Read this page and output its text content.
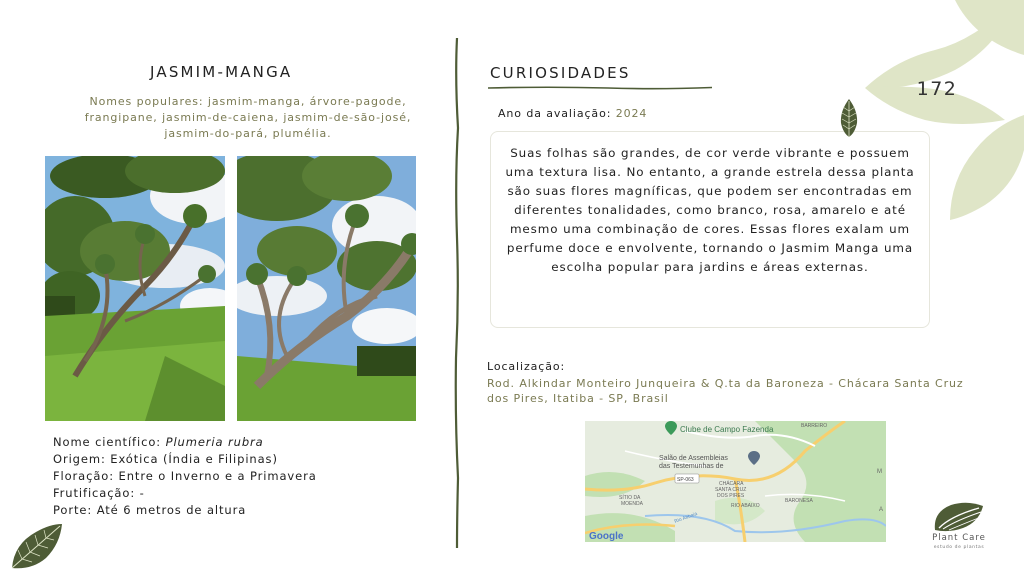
JASMIM-MANGA
Nomes populares: jasmim-manga, árvore-pagode, frangipane, jasmim-de-caiena, jasmim-de-são-josé, jasmim-do-pará, plumélia.
Nome científico: Plumeria rubra
Origem: Exótica (Índia e Filipinas)
Floração: Entre o Inverno e a Primavera
Frutificação: -
Porte: Até 6 metros de altura
CURIOSIDADES
Ano da avaliação: 2024
Suas folhas são grandes, de cor verde vibrante e possuem uma textura lisa. No entanto, a grande estrela dessa planta são suas flores magníficas, que podem ser encontradas em diferentes tonalidades, como branco, rosa, amarelo e até mesmo uma combinação de cores. Essas flores exalam um perfume doce e envolvente, tornando o Jasmim Manga uma escolha popular para jardins e áreas externas.
Localização:
Rod. Alkindar Monteiro Junqueira & Q.ta da Baroneza - Chácara Santa Cruz dos Pires, Itatiba - SP, Brasil
Clube de Campo Fazenda
Salão de Assembleias
das Testemunhas de
SP-063
CHÁCARA
SANTA CRUZ
DOS PIRES
SÍTIO DA
MOENDA	RIO ABAIXO
BARONESA
BARREIRO
Rio Atibaia
M
A
Google
172
Plant Care
estudo de plantas
